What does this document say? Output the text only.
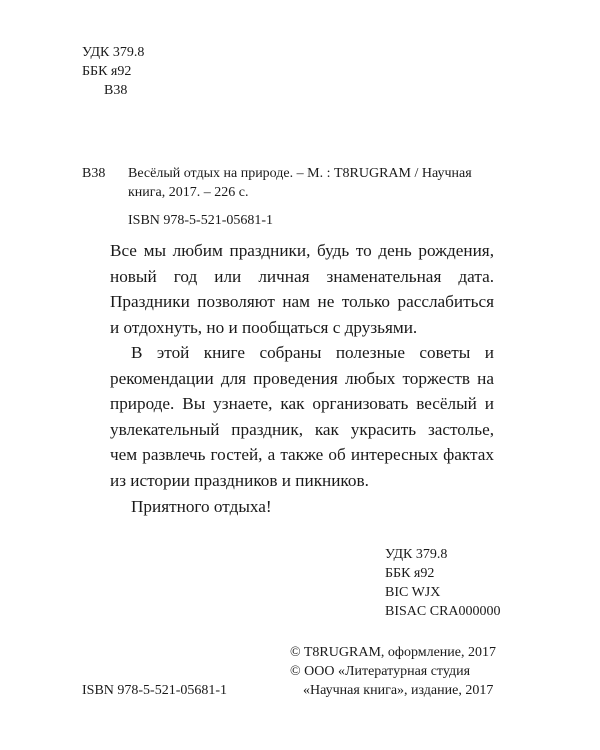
УДК 379.8
ББК я92
В38
В38 Весёлый отдых на природе. – М. : T8RUGRAM / Научная
книга, 2017. – 226 с.
ISBN 978-5-521-05681-1
Все мы любим праздники, будь то день рождения,
новый год или личная знаменательная дата.
Праздники позволяют нам не только расслабиться
и отдохнуть, но и пообщаться с друзьями.
В этой книге собраны полезные советы и
рекомендации для проведения любых торжеств на
природе. Вы узнаете, как организовать весёлый и
увлекательный праздник, как украсить застолье,
чем развлечь гостей, а также об интересных фактах
из истории праздников и пикников.
Приятного отдыха!
УДК 379.8
ББК я92
BIC WJX
BISAC CRA000000
© T8RUGRAM, оформление, 2017
© ООО «Литературная студия
ISBN 978-5-521-05681-1	«Научная книга», издание, 2017
